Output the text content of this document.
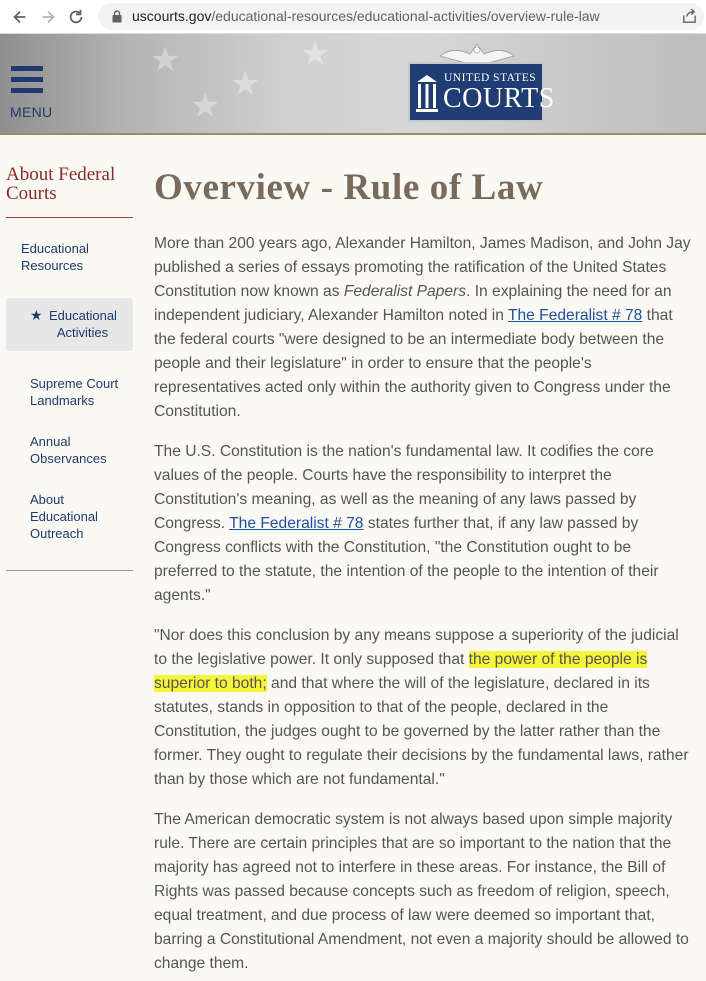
uscourts.gov/educational-resources/educational-activities/overview-rule-law
★
★
★
★
MENU
UNITED STATES
COURTS
About Federal Courts
Educational Resources
★ Educational Activities
Supreme Court Landmarks
Annual Observances
About Educational Outreach
Overview - Rule of Law

More than 200 years ago, Alexander Hamilton, James Madison, and John Jay published a series of essays promoting the ratification of the United States Constitution now known as Federalist Papers. In explaining the need for an independent judiciary, Alexander Hamilton noted in The Federalist # 78 that the federal courts "were designed to be an intermediate body between the people and their legislature" in order to ensure that the people's representatives acted only within the authority given to Congress under the Constitution.

The U.S. Constitution is the nation's fundamental law. It codifies the core values of the people. Courts have the responsibility to interpret the Constitution's meaning, as well as the meaning of any laws passed by Congress. The Federalist # 78 states further that, if any law passed by Congress conflicts with the Constitution, "the Constitution ought to be preferred to the statute, the intention of the people to the intention of their agents."

"Nor does this conclusion by any means suppose a superiority of the judicial to the legislative power. It only supposed that the power of the people is superior to both; and that where the will of the legislature, declared in its statutes, stands in opposition to that of the people, declared in the Constitution, the judges ought to be governed by the latter rather than the former. They ought to regulate their decisions by the fundamental laws, rather than by those which are not fundamental."

The American democratic system is not always based upon simple majority rule. There are certain principles that are so important to the nation that the majority has agreed not to interfere in these areas. For instance, the Bill of Rights was passed because concepts such as freedom of religion, speech, equal treatment, and due process of law were deemed so important that, barring a Constitutional Amendment, not even a majority should be allowed to change them.
